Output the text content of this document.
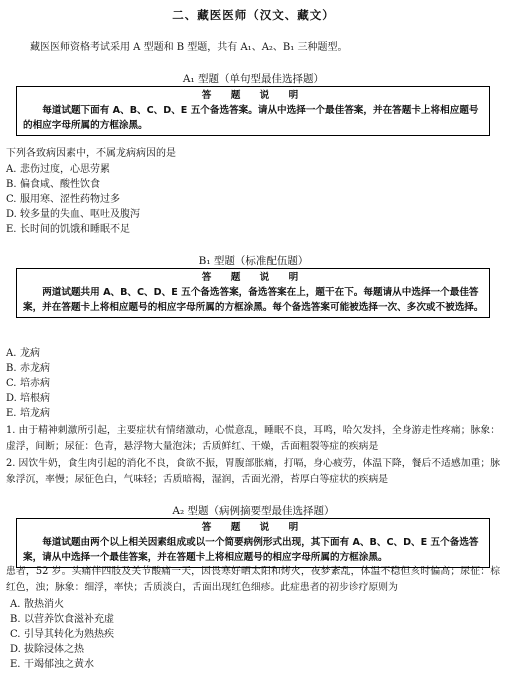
二、藏医医师（汉文、藏文）
藏医医师资格考试采用 A 型题和 B 型题，共有 A₁、A₂、B₁ 三种题型。
A₁ 型题（单句型最佳选择题）
答 题 说 明
每道试题下面有 A、B、C、D、E 五个备选答案。请从中选择一个最佳答案，并在答题卡上将相应题号的相应字母所属的方框涂黑。
下列各致病因素中，不属龙病病因的是
A. 悲伤过度，心思劳累
B. 偏食咸、酸性饮食
C. 服用寒、涩性药物过多
D. 较多量的失血、呕吐及腹泻
E. 长时间的饥饿和睡眠不足
B₁ 型题（标准配伍题）
答 题 说 明
两道试题共用 A、B、C、D、E 五个备选答案，备选答案在上，题干在下。每题请从中选择一个最佳答案，并在答题卡上将相应题号的相应字母所属的方框涂黑。每个备选答案可能被选择一次、多次或不被选择。
A. 龙病
B. 赤龙病
C. 培赤病
D. 培根病
E. 培龙病
1. 由于精神刺激所引起，主要症状有情绪激动，心慌意乱，睡眠不良，耳鸣，哈欠发抖，全身游走性疼痛；脉象：虚浮，间断；尿征：色青，悬浮物大量泡沫；舌质鲜红、干燥，舌面粗裂等症的疾病是
2. 因饮牛奶，食生肉引起的消化不良，食欲不振，胃腹部胀痛，打嗝，身心疲劳，体温下降，餐后不适感加重；脉象浮沉，率慢；尿征色白，气味轻；舌质暗褐，湿润，舌面光滑，苔厚白等症状的疾病是
A₂ 型题（病例摘要型最佳选择题）
答 题 说 明
每道试题由两个以上相关因素组成或以一个简要病例形式出现，其下面有 A、B、C、D、E 五个备选答案，请从中选择一个最佳答案，并在答题卡上将相应题号的相应字母所属的方框涂黑。
患者，52 岁。头痛伴四肢及关节酸痛一天，因畏寒好晒太阳和烤火，夜梦紊乱，体温不稳但亥时偏高；尿征：棕红色，浊；脉象：细浮，率快；舌质淡白，舌面出现红色细疹。此症患者的初步诊疗原则为
A. 散热消火
B. 以营养饮食滋补充虚
C. 引导其转化为熟热疾
D. 拔除浸体之热
E. 干竭郁浊之黄水
